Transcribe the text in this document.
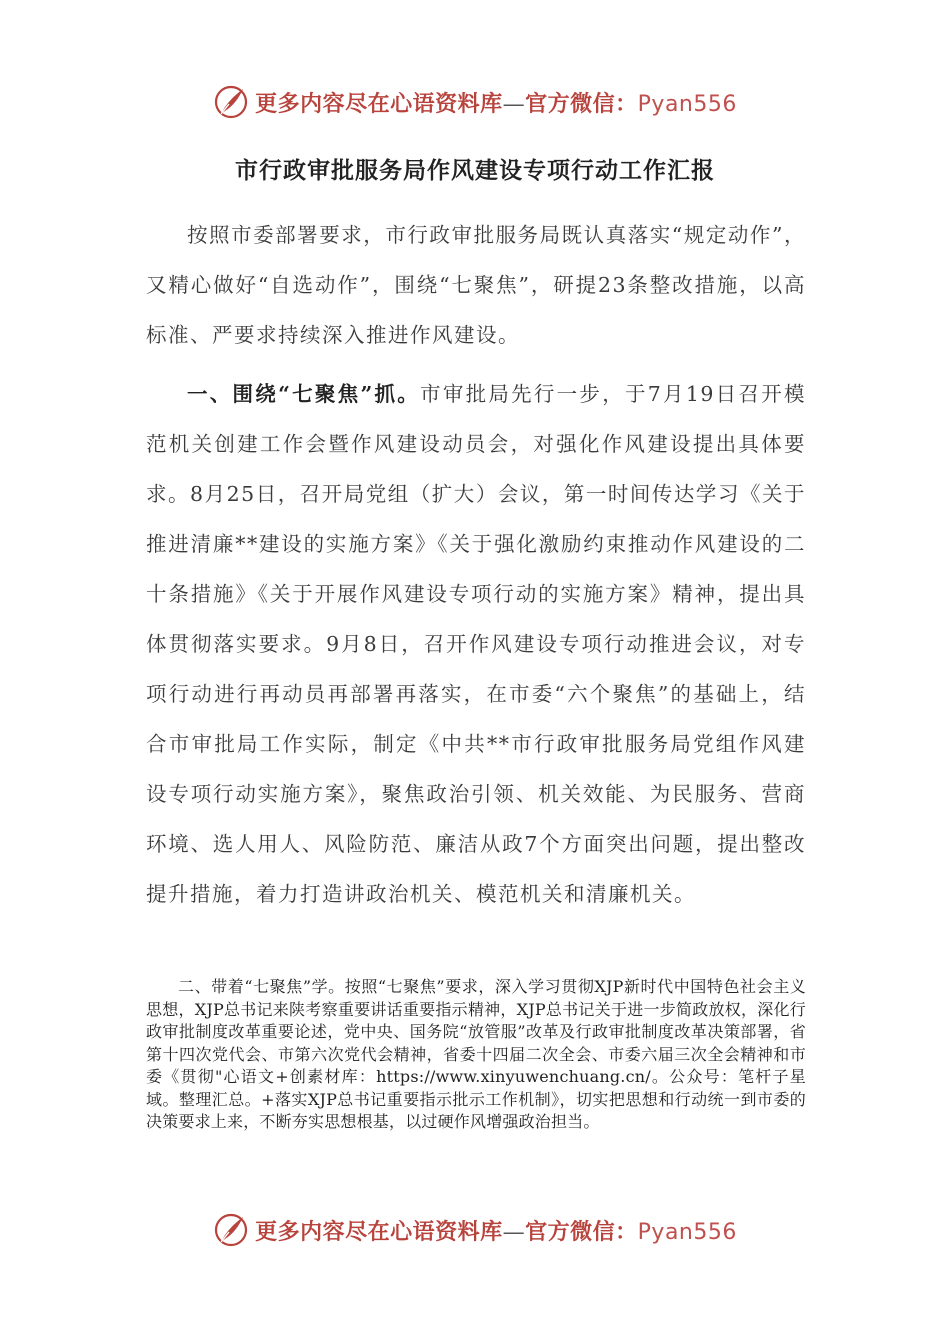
更多内容尽在心语资料库—官方微信：Pyan556
市行政审批服务局作风建设专项行动工作汇报

按照市委部署要求，市行政审批服务局既认真落实“规定动作”，又精心做好“自选动作”，围绕“七聚焦”，研提23条整改措施，以高标准、严要求持续深入推进作风建设。

一、围绕“七聚焦”抓。市审批局先行一步，于7月19日召开模范机关创建工作会暨作风建设动员会，对强化作风建设提出具体要求。8月25日，召开局党组（扩大）会议，第一时间传达学习《关于推进清廉**建设的实施方案》《关于强化激励约束推动作风建设的二十条措施》《关于开展作风建设专项行动的实施方案》精神，提出具体贯彻落实要求。9月8日，召开作风建设专项行动推进会议，对专项行动进行再动员再部署再落实，在市委“六个聚焦”的基础上，结合市审批局工作实际，制定《中共**市行政审批服务局党组作风建设专项行动实施方案》，聚焦政治引领、机关效能、为民服务、营商环境、选人用人、风险防范、廉洁从政7个方面突出问题，提出整改提升措施，着力打造讲政治机关、模范机关和清廉机关。

二、带着“七聚焦”学。按照“七聚焦”要求，深入学习贯彻XJP新时代中国特色社会主义思想，XJP总书记来陕考察重要讲话重要指示精神，XJP总书记关于进一步简政放权，深化行政审批制度改革重要论述，党中央、国务院“放管服”改革及行政审批制度改革决策部署，省第十四次党代会、市第六次党代会精神，省委十四届二次全会、市委六届三次全会精神和市委《贯彻"心语文+创素材库：https://www.xinyuwenchuang.cn/。公众号：笔杆子星域。整理汇总。+落实XJP总书记重要指示批示工作机制》，切实把思想和行动统一到市委的决策要求上来，不断夯实思想根基，以过硬作风增强政治担当。

更多内容尽在心语资料库—官方微信：Pyan556
